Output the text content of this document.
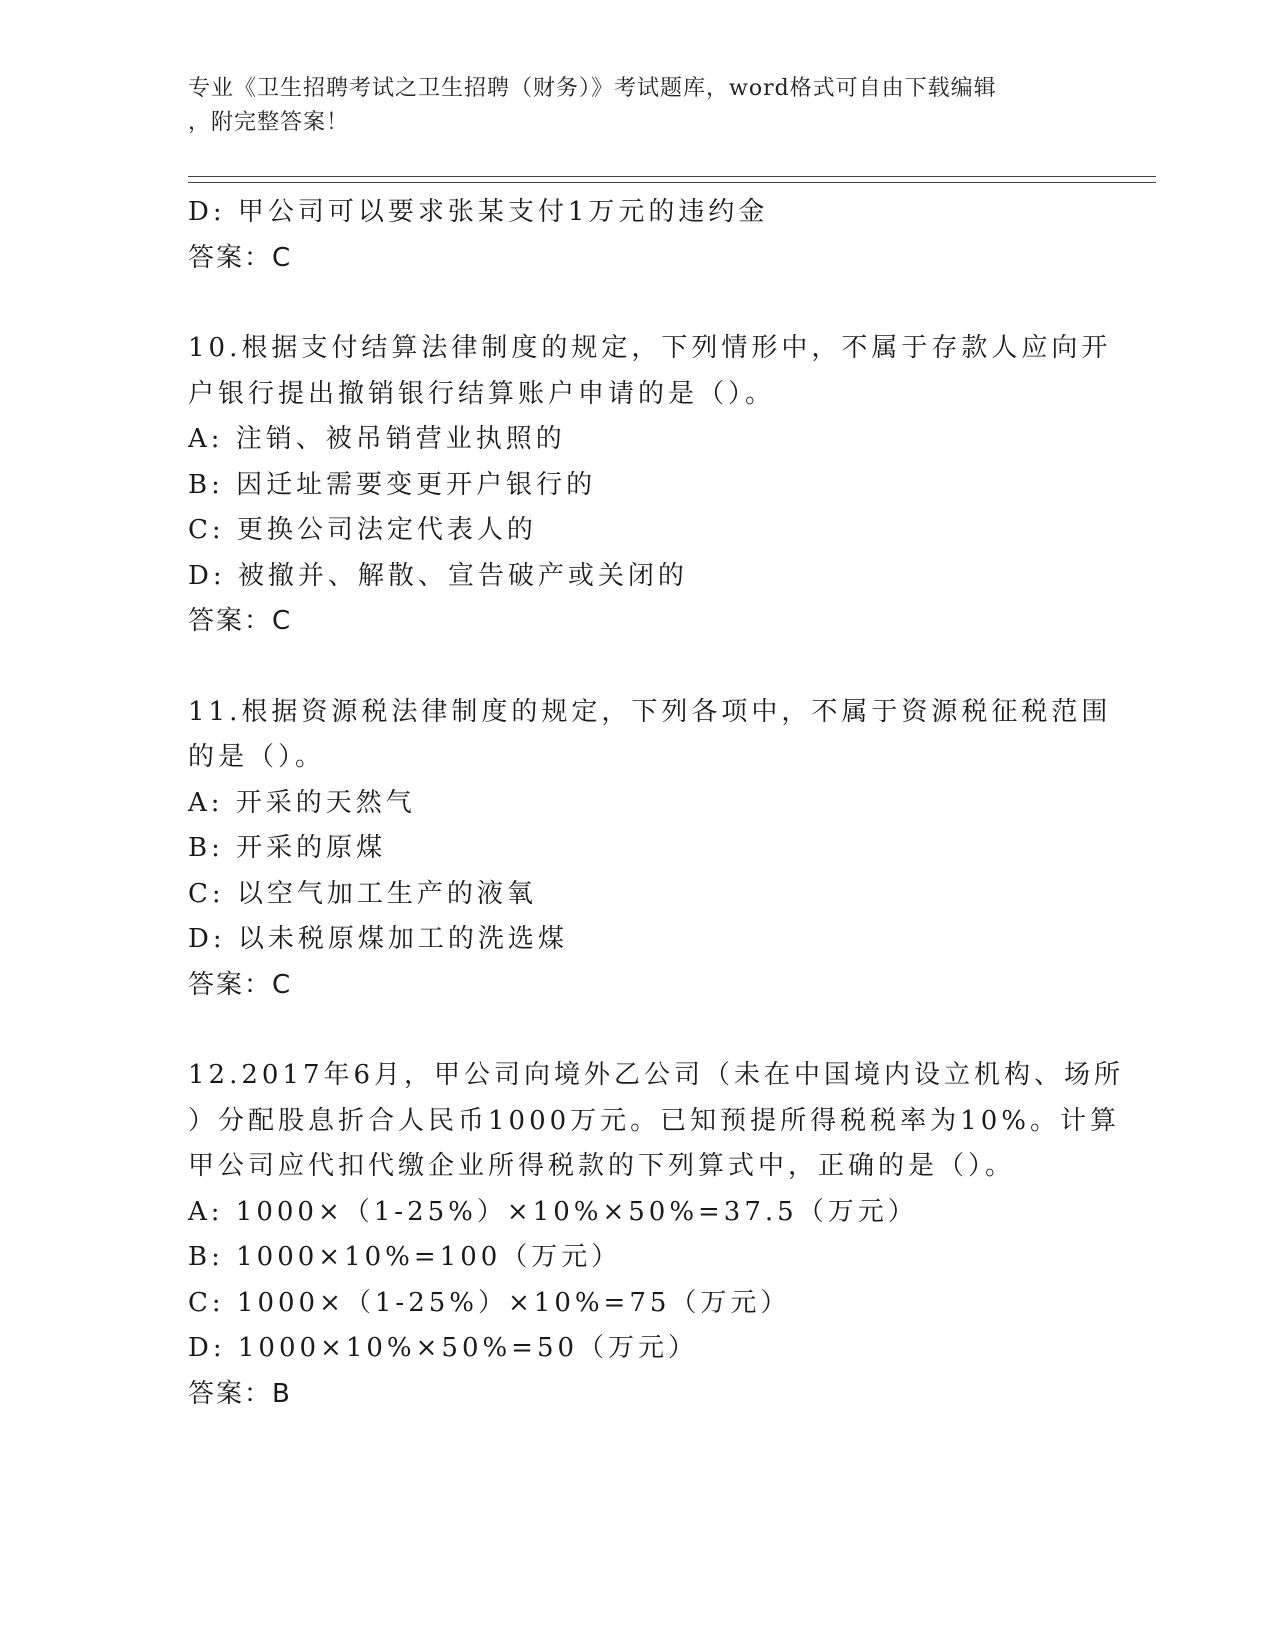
专业《卫生招聘考试之卫生招聘（财务）》考试题库，word格式可自由下载编辑
，附完整答案！
D: 甲公司可以要求张某支付1万元的违约金
答案：C
10.根据支付结算法律制度的规定，下列情形中，不属于存款人应向开
户银行提出撤销银行结算账户申请的是（）。
A: 注销、被吊销营业执照的
B: 因迁址需要变更开户银行的
C: 更换公司法定代表人的
D: 被撤并、解散、宣告破产或关闭的
答案：C
11.根据资源税法律制度的规定，下列各项中，不属于资源税征税范围
的是（）。
A: 开采的天然气
B: 开采的原煤
C: 以空气加工生产的液氧
D: 以未税原煤加工的洗选煤
答案：C
12.2017年6月，甲公司向境外乙公司（未在中国境内设立机构、场所
）分配股息折合人民币1000万元。已知预提所得税税率为10%。计算
甲公司应代扣代缴企业所得税款的下列算式中，正确的是（）。
A: 1000×（1-25%）×10%×50%=37.5（万元）
B: 1000×10%=100（万元）
C: 1000×（1-25%）×10%=75（万元）
D: 1000×10%×50%=50（万元）
答案：B
